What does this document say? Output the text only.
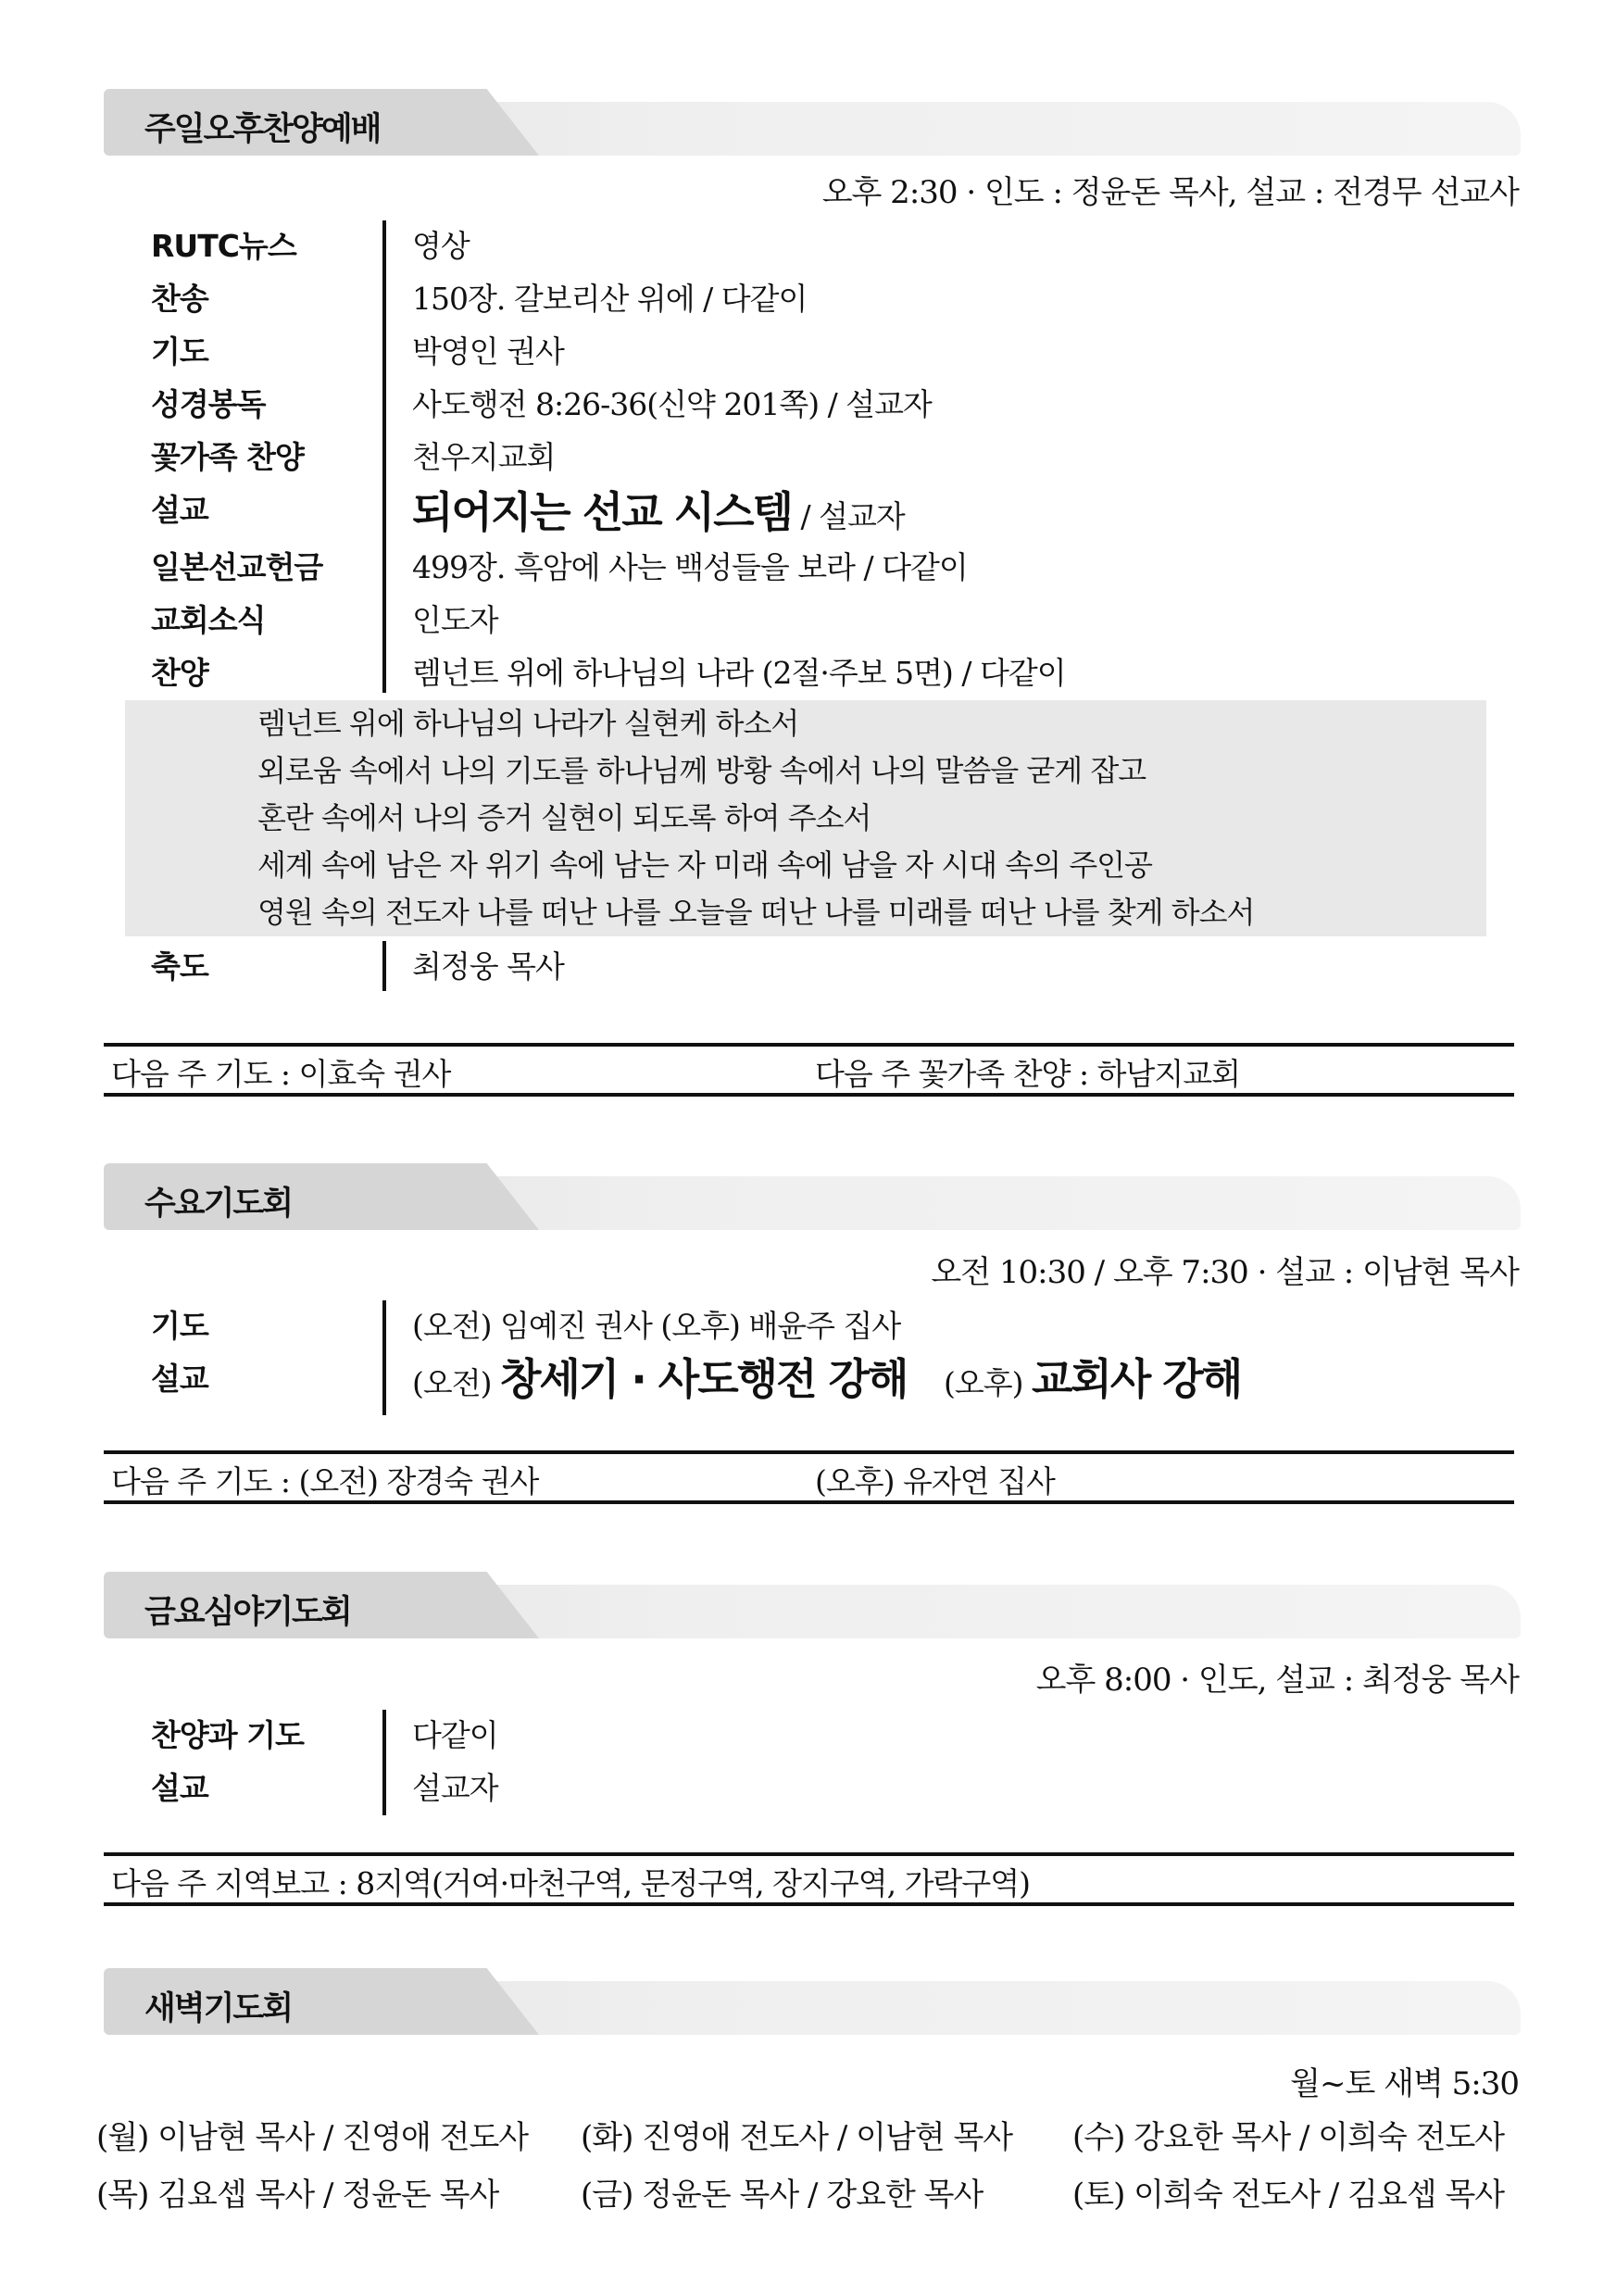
주일오후찬양예배
오후 2:30 · 인도 : 정윤돈 목사, 설교 : 전경무 선교사
RUTC뉴스	영상
찬송	150장. 갈보리산 위에 / 다같이
기도	박영인 권사
성경봉독	사도행전 8:26-36(신약 201쪽) / 설교자
꽃가족 찬양	천우지교회
설교	되어지는 선교 시스템 / 설교자
일본선교헌금	499장. 흑암에 사는 백성들을 보라 / 다같이
교회소식	인도자
찬양	렘넌트 위에 하나님의 나라 (2절·주보 5면) / 다같이
렘넌트 위에 하나님의 나라가 실현케 하소서
외로움 속에서 나의 기도를 하나님께 방황 속에서 나의 말씀을 굳게 잡고
혼란 속에서 나의 증거 실현이 되도록 하여 주소서
세계 속에 남은 자 위기 속에 남는 자 미래 속에 남을 자 시대 속의 주인공
영원 속의 전도자 나를 떠난 나를 오늘을 떠난 나를 미래를 떠난 나를 찾게 하소서
축도	최정웅 목사
다음 주 기도 : 이효숙 권사	다음 주 꽃가족 찬양 : 하남지교회
수요기도회
오전 10:30 / 오후 7:30 · 설교 : 이남현 목사
기도	(오전) 임예진 권사 (오후) 배윤주 집사
설교	(오전) 창세기 · 사도행전 강해 (오후) 교회사 강해
다음 주 기도 : (오전) 장경숙 권사	(오후) 유자연 집사
금요심야기도회
오후 8:00 · 인도, 설교 : 최정웅 목사
찬양과 기도	다같이
설교	설교자
다음 주 지역보고 : 8지역(거여·마천구역, 문정구역, 장지구역, 가락구역)
새벽기도회
월~토 새벽 5:30
(월) 이남현 목사 / 진영애 전도사 (화) 진영애 전도사 / 이남현 목사 (수) 강요한 목사 / 이희숙 전도사
(목) 김요셉 목사 / 정윤돈 목사	(금) 정윤돈 목사 / 강요한 목사	(토) 이희숙 전도사 / 김요셉 목사
